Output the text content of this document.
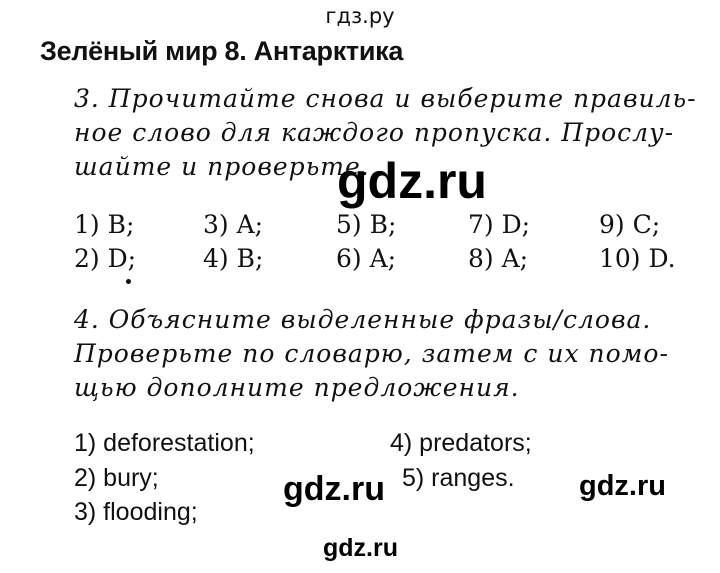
гдз.ру
Зелёный мир 8. Антарктика
3. Прочитайте снова и выберите правиль-
ное слово для каждого пропуска. Прослу-
шайте и проверьте.
gdz.ru
1) B;
2) D;
3) A;
4) B;
5) B;
6) A;
7) D;
8) A;
9) C;
10) D.
4. Объясните выделенные фразы/слова.
Проверьте по словарю, затем с их помо-
щью дополните предложения.
1) deforestation;
2) bury;
3) flooding;
4) predators;
5) ranges.
gdz.ru	gdz.ru
gdz.ru
